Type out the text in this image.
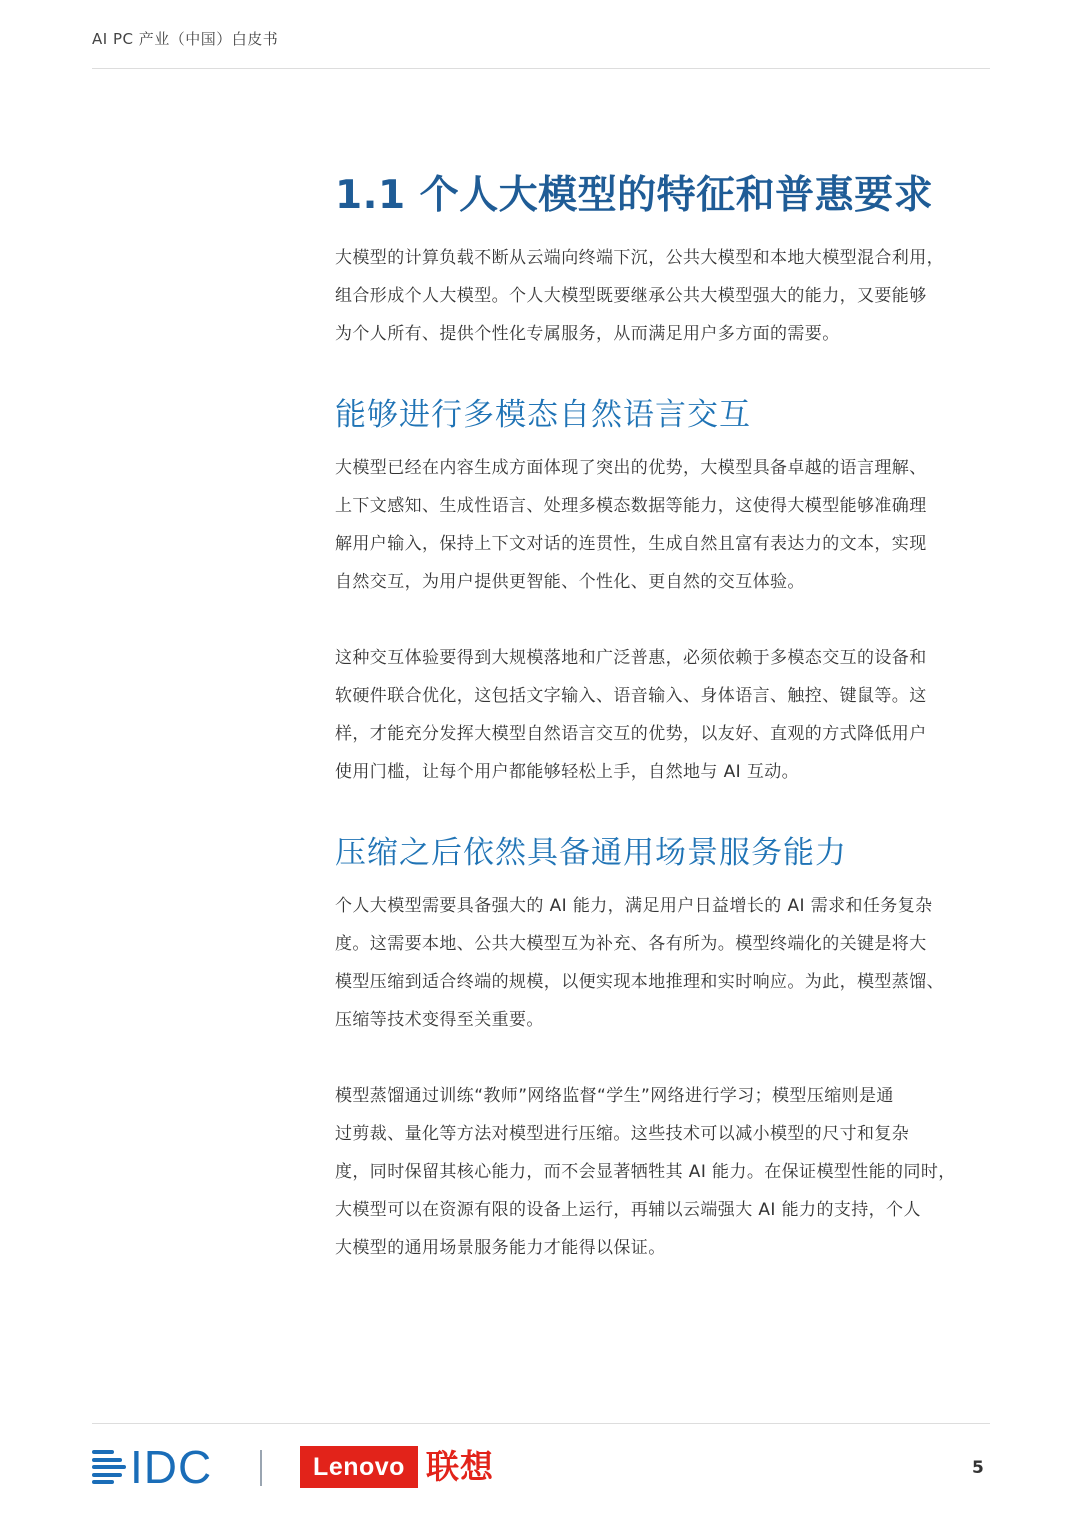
AI PC 产业（中国）白皮书
1.1 个人大模型的特征和普惠要求

大模型的计算负载不断从云端向终端下沉，公共大模型和本地大模型混合利用，
组合形成个人大模型。个人大模型既要继承公共大模型强大的能力，又要能够
为个人所有、提供个性化专属服务，从而满足用户多方面的需要。

能够进行多模态自然语言交互

大模型已经在内容生成方面体现了突出的优势，大模型具备卓越的语言理解、
上下文感知、生成性语言、处理多模态数据等能力，这使得大模型能够准确理
解用户输入，保持上下文对话的连贯性，生成自然且富有表达力的文本，实现
自然交互，为用户提供更智能、个性化、更自然的交互体验。

这种交互体验要得到大规模落地和广泛普惠，必须依赖于多模态交互的设备和
软硬件联合优化，这包括文字输入、语音输入、身体语言、触控、键鼠等。这
样，才能充分发挥大模型自然语言交互的优势，以友好、直观的方式降低用户
使用门槛，让每个用户都能够轻松上手，自然地与 AI 互动。

压缩之后依然具备通用场景服务能力

个人大模型需要具备强大的 AI 能力，满足用户日益增长的 AI 需求和任务复杂
度。这需要本地、公共大模型互为补充、各有所为。模型终端化的关键是将大
模型压缩到适合终端的规模，以便实现本地推理和实时响应。为此，模型蒸馏、
压缩等技术变得至关重要。

模型蒸馏通过训练“教师”网络监督“学生”网络进行学习；模型压缩则是通
过剪裁、量化等方法对模型进行压缩。这些技术可以减小模型的尺寸和复杂
度，同时保留其核心能力，而不会显著牺牲其 AI 能力。在保证模型性能的同时，
大模型可以在资源有限的设备上运行，再辅以云端强大 AI 能力的支持，个人
大模型的通用场景服务能力才能得以保证。

IDC	Lenovo 联想	5
